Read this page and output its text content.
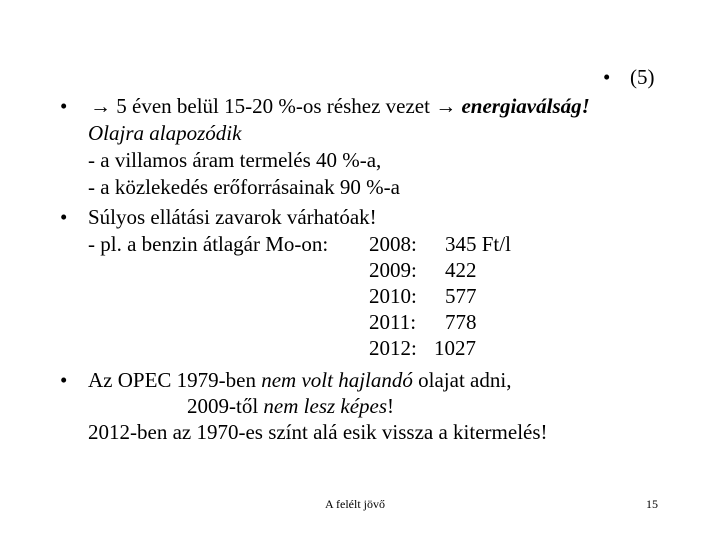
• (5)
• → 5 éven belül 15-20 %-os réshez vezet → energiaválság!
Olajra alapozódik
- a villamos áram termelés 40 %-a,
- a közlekedés erőforrásainak 90 %-a
• Súlyos ellátási zavarok várhatóak!
- pl. a benzin átlagár Mo-on: 2008: 345 Ft/l
2009: 422
2010: 577
2011: 778
2012: 1027
• Az OPEC 1979-ben nem volt hajlandó olajat adni,
2009-től nem lesz képes!
2012-ben az 1970-es színt alá esik vissza a kitermelés!
A felélt jövő	15
